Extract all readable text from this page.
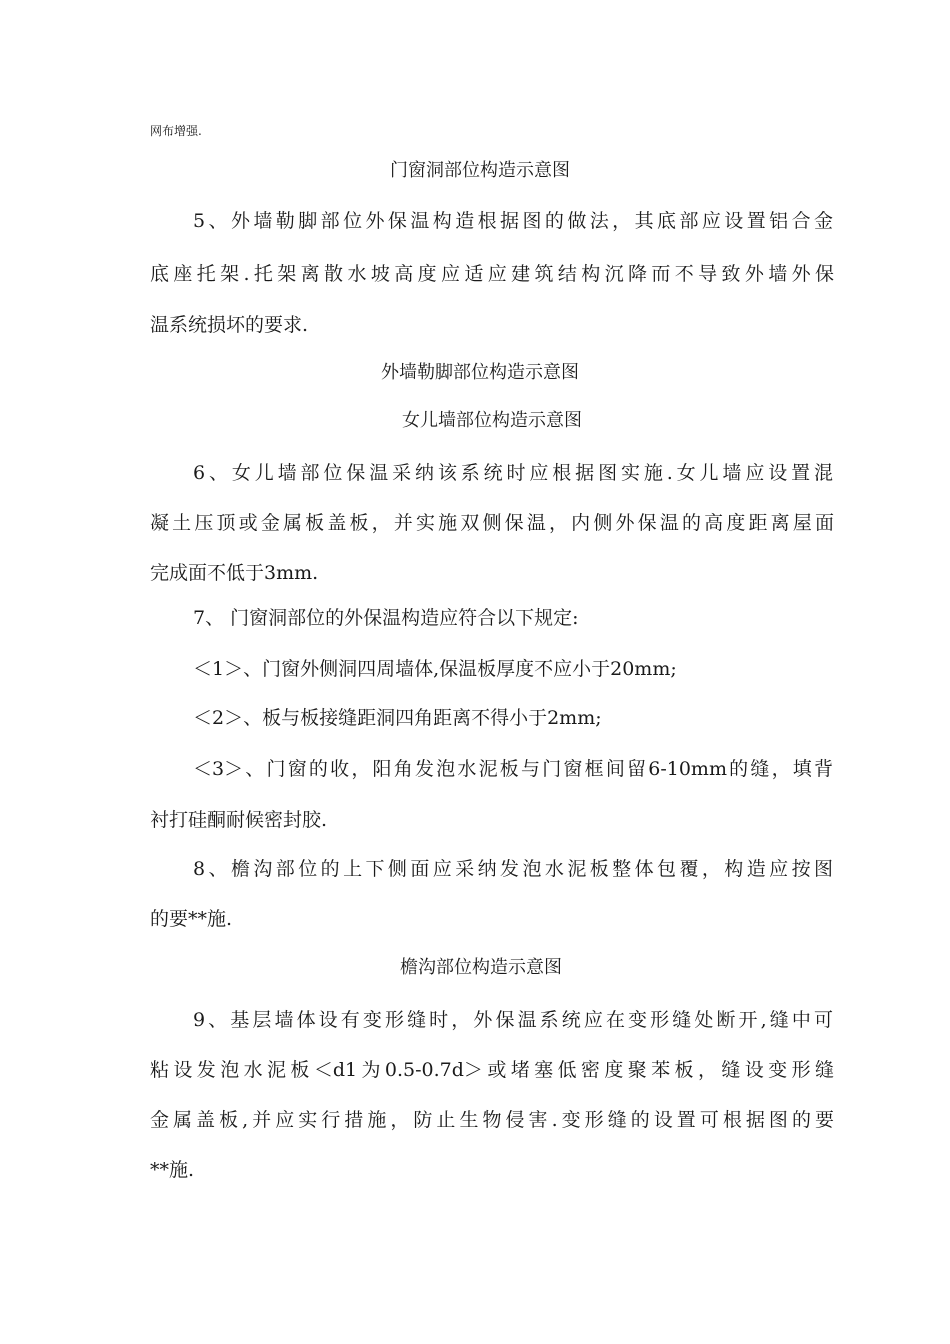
网布增强.
门窗洞部位构造示意图
5、外墙勒脚部位外保温构造根据图的做法，其底部应设置铝合金
底座托架.托架离散水坡高度应适应建筑结构沉降而不导致外墙外保
温系统损坏的要求.
外墙勒脚部位构造示意图
女儿墙部位构造示意图
6、女儿墙部位保温采纳该系统时应根据图实施.女儿墙应设置混
凝土压顶或金属板盖板，并实施双侧保温，内侧外保温的高度距离屋面
完成面不低于3mm.
7、 门窗洞部位的外保温构造应符合以下规定:
＜1＞、门窗外侧洞四周墙体,保温板厚度不应小于20mm;
＜2＞、板与板接缝距洞四角距离不得小于2mm;
＜3＞、门窗的收，阳角发泡水泥板与门窗框间留6-10mm的缝，填背
衬打硅酮耐候密封胶.
8、檐沟部位的上下侧面应采纳发泡水泥板整体包覆，构造应按图
的要**施.
檐沟部位构造示意图
9、基层墙体设有变形缝时，外保温系统应在变形缝处断开,缝中可
粘设发泡水泥板＜d1为0.5-0.7d＞或堵塞低密度聚苯板，缝设变形缝
金属盖板,并应实行措施，防止生物侵害.变形缝的设置可根据图的要
**施.
